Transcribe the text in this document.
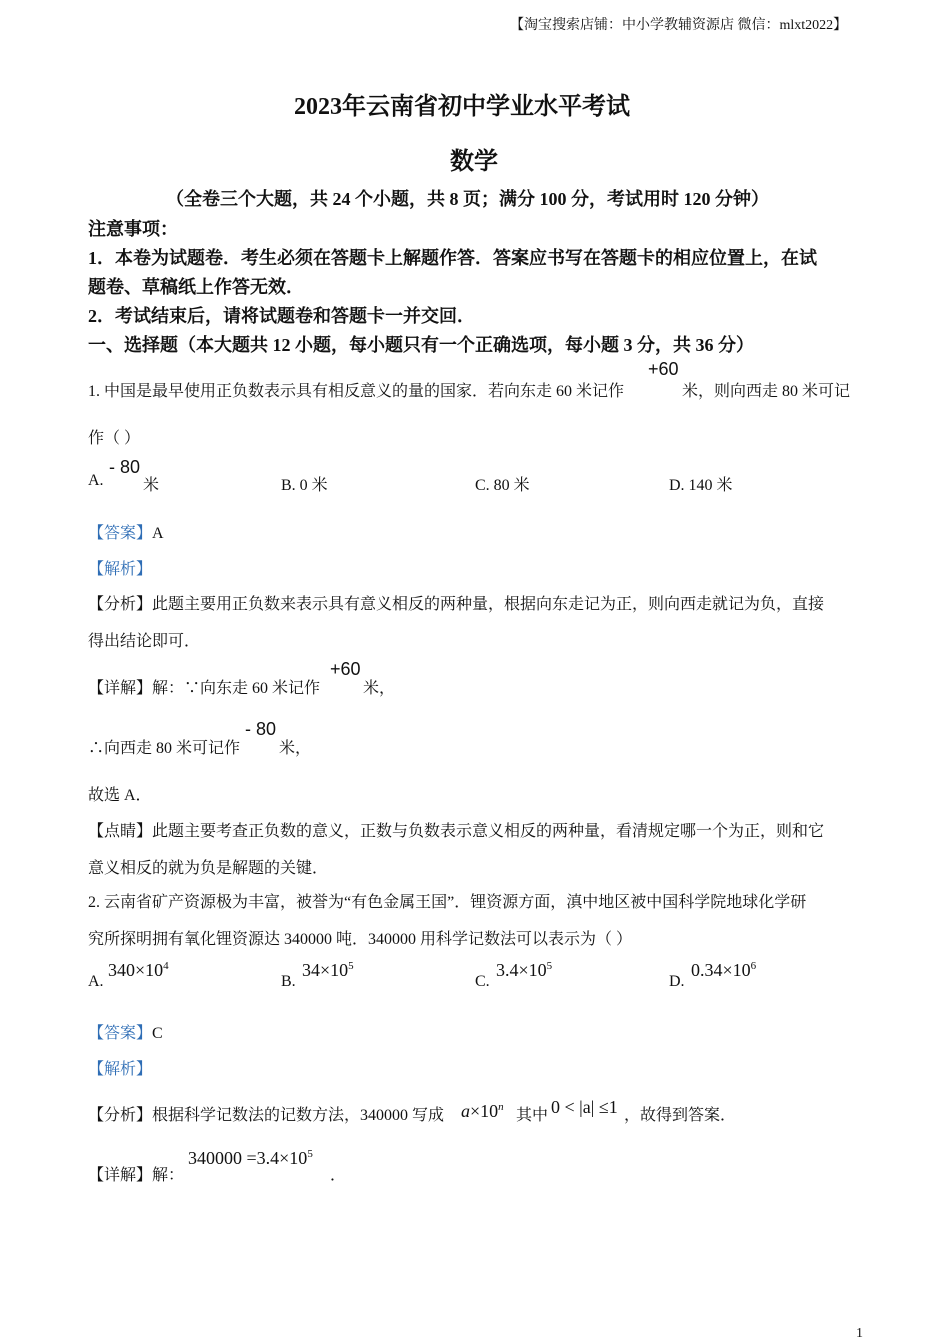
【淘宝搜索店铺：中小学教辅资源店 微信：mlxt2022】
2023年云南省初中学业水平考试
数学
（全卷三个大题，共 24 个小题，共 8 页；满分 100 分，考试用时 120 分钟）
注意事项：
1．本卷为试题卷．考生必须在答题卡上解题作答．答案应书写在答题卡的相应位置上，在试
题卷、草稿纸上作答无效．
2．考试结束后，请将试题卷和答题卡一并交回．
一、选择题（本大题共 12 小题，每小题只有一个正确选项，每小题 3 分，共 36 分）
1. 中国是最早使用正负数表示具有相反意义的量的国家．若向东走 60 米记作
+60
米，则向西走 80 米可记
作（ ）
A.
- 80
米	B. 0 米	C. 80 米	D. 140 米
【答案】A
【解析】
【分析】此题主要用正负数来表示具有意义相反的两种量，根据向东走记为正，则向西走就记为负，直接
得出结论即可．
【详解】解：∵向东走 60 米记作
+60
米，
∴向西走 80 米可记作
- 80
米，
故选 A．
【点睛】此题主要考查正负数的意义，正数与负数表示意义相反的两种量，看清规定哪一个为正，则和它
意义相反的就为负是解题的关键．
2. 云南省矿产资源极为丰富，被誉为“有色金属王国”．锂资源方面，滇中地区被中国科学院地球化学研
究所探明拥有氧化锂资源达 340000 吨．340000 用科学记数法可以表示为（ ）
A.
$340\times 10^4$
B.
$34\times 10^5$
C.
$3.4\times 10^5$
D.
$0.34\times 10^6$
【答案】C
【解析】
【分析】根据科学记数法的记数方法，340000 写成 $a\times 10^n$ 其中 0 < |a| ≤1 ，故得到答案．
【详解】解：
$340000 =3.4\times 10^5$
．
1
